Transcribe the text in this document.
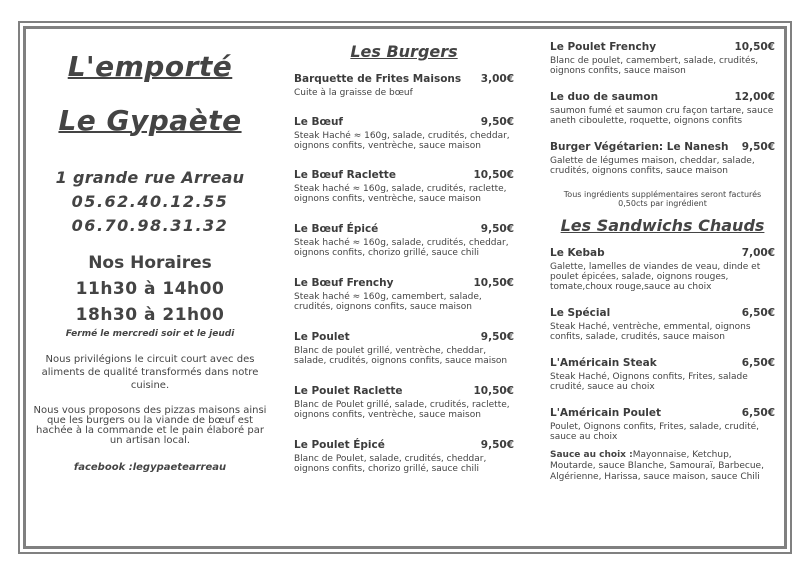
L'emporté
Le Gypaète
1 grande rue Arreau
05.62.40.12.55
06.70.98.31.32
Nos Horaires
11h30 à 14h00
18h30 à 21h00
Fermé le mercredi soir et le jeudi
Nous privilégions le circuit court avec des aliments de qualité transformés dans notre cuisine.
Nous vous proposons des pizzas maisons ainsi que les burgers ou la viande de bœuf est hachée à la commande et le pain élaboré par un artisan local.
facebook :legypaetearreau
Les Burgers
Barquette de Frites Maisons 3,00€
Cuite à la graisse de bœuf
Le Bœuf	9,50€
Steak Haché ≈ 160g, salade, crudités, cheddar, oignons confits, ventrèche, sauce maison
Le Bœuf Raclette	10,50€
Steak haché ≈ 160g, salade, crudités, raclette, oignons confits, ventrèche, sauce maison
Le Bœuf Épicé	9,50€
Steak haché ≈ 160g, salade, crudités, cheddar, oignons confits, chorizo grillé, sauce chili
Le Bœuf Frenchy	10,50€
Steak haché ≈ 160g, camembert, salade, crudités, oignons confits, sauce maison
Le Poulet	9,50€
Blanc de poulet grillé, ventrèche, cheddar, salade, crudités, oignons confits, sauce maison
Le Poulet Raclette	10,50€
Blanc de Poulet grillé, salade, crudités, raclette, oignons confits, ventrèche, sauce maison
Le Poulet Épicé	9,50€
Blanc de Poulet, salade, crudités, cheddar, oignons confits, chorizo grillé, sauce chili
Le Poulet Frenchy	10,50€
Blanc de poulet, camembert, salade, crudités, oignons confits, sauce maison
Le duo de saumon	12,00€
saumon fumé et saumon cru façon tartare, sauce aneth ciboulette, roquette, oignons confits
Burger Végétarien: Le Nanesh 9,50€
Galette de légumes maison, cheddar, salade, crudités, oignons confits, sauce maison
Tous ingrédients supplémentaires seront facturés 0,50cts par ingrédient
Les Sandwichs Chauds
Le Kebab	7,00€
Galette, lamelles de viandes de veau, dinde et poulet épicées, salade, oignons rouges, tomate,choux rouge,sauce au choix
Le Spécial	6,50€
Steak Haché, ventrèche, emmental, oignons confits, salade, crudités, sauce maison
L'Américain Steak	6,50€
Steak Haché, Oignons confits, Frites, salade crudité, sauce au choix
L'Américain Poulet	6,50€
Poulet, Oignons confits, Frites, salade, crudité, sauce au choix
Sauce au choix :Mayonnaise, Ketchup, Moutarde, sauce Blanche, Samouraï, Barbecue, Algérienne, Harissa, sauce maison, sauce Chili
